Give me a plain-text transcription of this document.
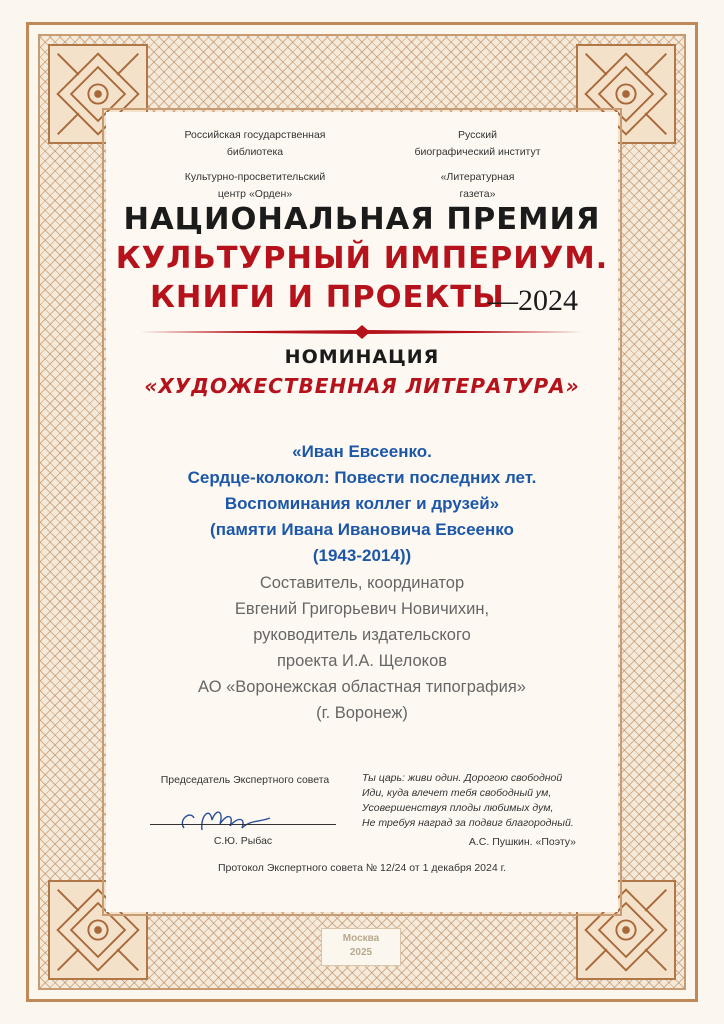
Российская государственная
библиотека
Русский
биографический институт
Культурно-просветительский
центр «Орден»
«Литературная
газета»
НАЦИОНАЛЬНАЯ ПРЕМИЯ
КУЛЬТУРНЫЙ ИМПЕРИУМ.
КНИГИ И ПРОЕКТЫ
—2024
НОМИНАЦИЯ
«ХУДОЖЕСТВЕННАЯ ЛИТЕРАТУРА»
«Иван Евсеенко.
Сердце-колокол: Повести последних лет.
Воспоминания коллег и друзей»
(памяти Ивана Ивановича Евсеенко
(1943-2014))
Составитель, координатор
Евгений Григорьевич Новичихин,
руководитель издательского
проекта И.А. Щелоков
АО «Воронежская областная типография»
(г. Воронеж)
Председатель Экспертного совета
С.Ю. Рыбас
Ты царь: живи один. Дорогою свободной
Иди, куда влечет тебя свободный ум,
Усовершенствуя плоды любимых дум,
Не требуя наград за подвиг благородный.
А.С. Пушкин. «Поэту»
Протокол Экспертного совета № 12/24 от 1 декабря 2024 г.
Москва
2025
